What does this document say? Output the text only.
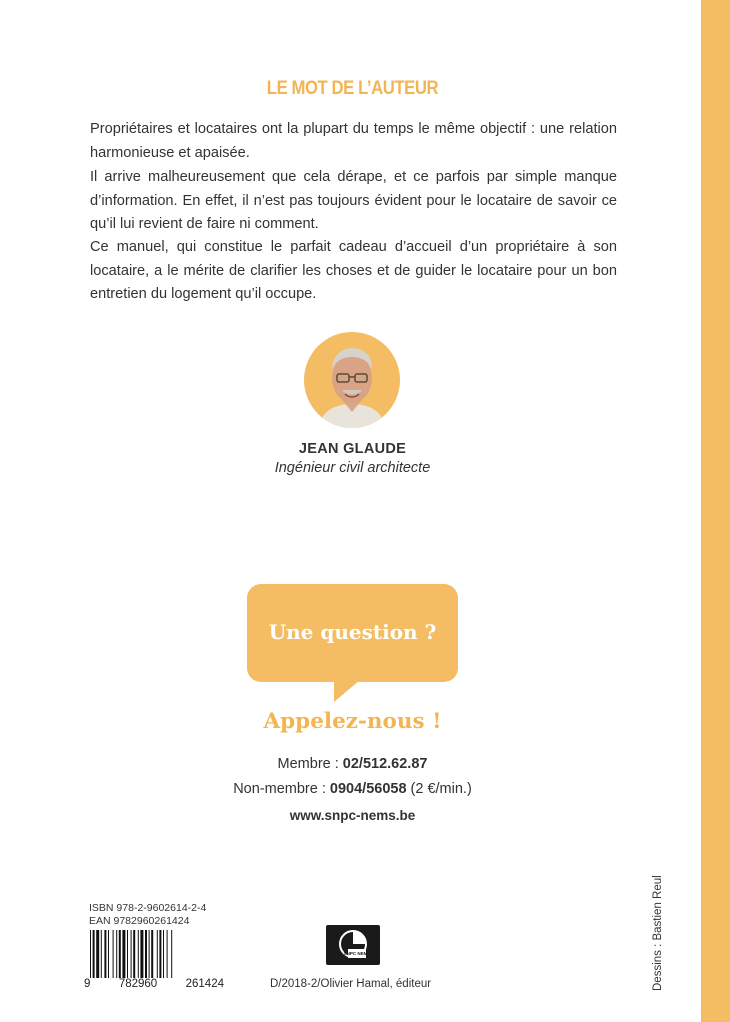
LE MOT DE L’AUTEUR

Propriétaires et locataires ont la plupart du temps le même objectif : une relation harmonieuse et apaisée.

Il arrive malheureusement que cela dérape, et ce parfois par simple manque d’information. En effet, il n’est pas toujours évident pour le locataire de savoir ce qu’il lui revient de faire ni comment.

Ce manuel, qui constitue le parfait cadeau d’accueil d’un propriétaire à son locataire, a le mérite de clarifier les choses et de guider le locataire pour un bon entretien du logement qu’il occupe.

JEAN GLAUDE
Ingénieur civil architecte
Une question ?
Appelez-nous !
Membre : 02/512.62.87
Non-membre : 0904/56058 (2 €/min.)
www.snpc-nems.be
ISBN 978-2-9602614-2-4
EAN 9782960261424
9 782960 261424
SNPC NEMS
D/2018-2/Olivier Hamal, éditeur	Dessins : Bastien Reul
